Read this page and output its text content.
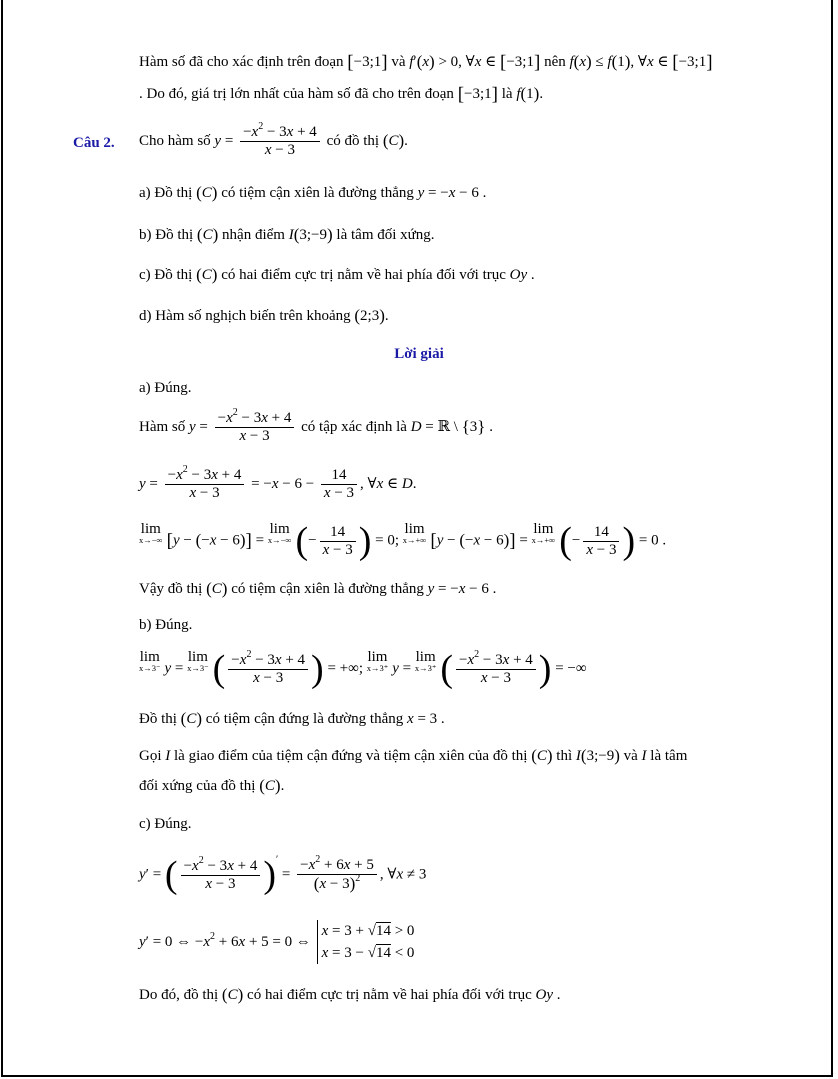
Hàm số đã cho xác định trên đoạn [−3;1] và f′(x) > 0, ∀x ∈ [−3;1] nên f(x) ≤ f(1), ∀x ∈ [−3;1]
. Do đó, giá trị lớn nhất của hàm số đã cho trên đoạn [−3;1] là f(1).
Câu 2. Cho hàm số $y = \frac{-x^2 - 3x + 4}{x - 3}$ có đồ thị (C).
a) Đồ thị (C) có tiệm cận xiên là đường thẳng y = −x − 6 .
b) Đồ thị (C) nhận điểm I(3;−9) là tâm đối xứng.
c) Đồ thị (C) có hai điểm cực trị nằm về hai phía đối với trục Oy .
d) Hàm số nghịch biến trên khoảng (2;3).
Lời giải
a) Đúng.
Hàm số $y = \frac{-x^2 - 3x + 4}{x - 3}$ có tập xác định là D = ℝ \ {3} .
$y = \frac{-x^2 - 3x + 4}{x - 3} = -x - 6 - \frac{14}{x - 3}$ , ∀x ∈ D.
lim
x→−∞ [y − (−x − 6)] = lim
x→−∞ (− $\frac{14}{x - 3}$ ) = 0; lim
x→+∞ [y − (−x − 6)] = lim
x→+∞ (− $\frac{14}{x - 3}$ ) = 0 .
Vậy đồ thị (C) có tiệm cận xiên là đường thẳng y = −x − 6 .
b) Đúng.
lim
x→3⁻ y = lim
x→3⁻ ( $\frac{-x^2 - 3x + 4}{x - 3}$ ) = +∞; lim
x→3⁺ y = lim
x→3⁺ ( $\frac{-x^2 - 3x + 4}{x - 3}$ ) = −∞
Đồ thị (C) có tiệm cận đứng là đường thẳng x = 3 .
Gọi I là giao điểm của tiệm cận đứng và tiệm cận xiên của đồ thị (C) thì I(3;−9) và I là tâm
đối xứng của đồ thị (C).
c) Đúng.
y′ = ( $\frac{-x^2 - 3x + 4}{x - 3} )' = \frac{-x^2 + 6x + 5}{(x - 3)^2}$ , ∀x ≠ 3
y′ = 0 ⇔ $-x^2 + 6x + 5 = 0$ ⇔
x = 3 + √14 > 0
x = 3 − √14 < 0
Do đó, đồ thị (C) có hai điểm cực trị nằm về hai phía đối với trục Oy .
